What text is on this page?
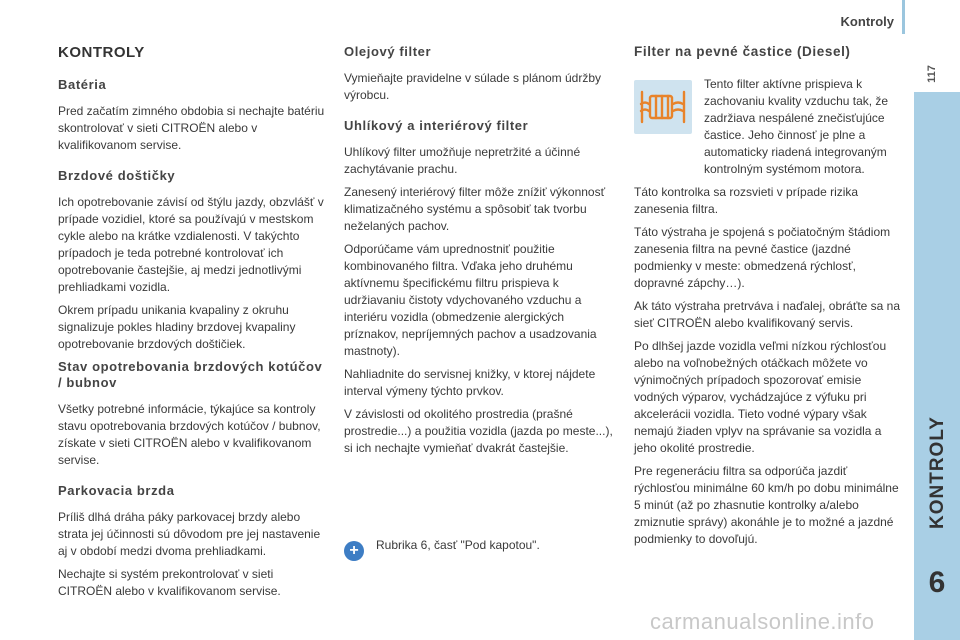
Kontroly
117
KONTROLY
6
KONTROLY
Batéria

Pred začatím zimného obdobia si nechajte batériu skontrolovať v sieti CITROËN alebo v kvalifikovanom servise.

Brzdové doštičky

Ich opotrebovanie závisí od štýlu jazdy, obzvlášť v prípade vozidiel, ktoré sa používajú v mestskom cykle alebo na krátke vzdialenosti. V takýchto prípadoch je teda potrebné kontrolovať ich opotrebovanie častejšie, aj medzi jednotlivými prehliadkami vozidla.

Okrem prípadu unikania kvapaliny z okruhu signalizuje pokles hladiny brzdovej kvapaliny opotrebovanie brzdových doštičiek.

Stav opotrebovania brzdových kotúčov / bubnov

Všetky potrebné informácie, týkajúce sa kontroly stavu opotrebovania brzdových kotúčov / bubnov, získate v sieti CITROËN alebo v kvalifikovanom servise.

Parkovacia brzda

Príliš dlhá dráha páky parkovacej brzdy alebo strata jej účinnosti sú dôvodom pre jej nastavenie aj v období medzi dvoma prehliadkami.

Nechajte si systém prekontrolovať v sieti CITROËN alebo v kvalifikovanom servise.

Olejový filter

Vymieňajte pravidelne v súlade s plánom údržby výrobcu.

Uhlíkový a interiérový filter

Uhlíkový filter umožňuje nepretržité a účinné zachytávanie prachu.

Zanesený interiérový filter môže znížiť výkonnosť klimatizačného systému a spôsobiť tak tvorbu neželaných pachov.

Odporúčame vám uprednostniť použitie kombinovaného filtra. Vďaka jeho druhému aktívnemu špecifickému filtru prispieva k udržiavaniu čistoty vdychovaného vzduchu a interiéru vozidla (obmedzenie alergických príznakov, nepríjemných pachov a usadzovania mastnoty).

Nahliadnite do servisnej knižky, v ktorej nájdete interval výmeny týchto prvkov.

V závislosti od okolitého prostredia (prašné prostredie...) a použitia vozidla (jazda po meste...), si ich nechajte vymieňať dvakrát častejšie.

+	Rubrika 6, časť "Pod kapotou".
Filter na pevné častice (Diesel)

Tento filter aktívne prispieva k zachovaniu kvality vzduchu tak, že zadržiava nespálené znečisťujúce častice. Jeho činnosť je plne a automaticky riadená integrovaným kontrolným systémom motora.

Táto kontrolka sa rozsvieti v prípade rizika zanesenia filtra.

Táto výstraha je spojená s počiatočným štádiom zanesenia filtra na pevné častice (jazdné podmienky v meste: obmedzená rýchlosť, dopravné zápchy…).

Ak táto výstraha pretrváva i naďalej, obráťte sa na sieť CITROËN alebo kvalifikovaný servis.

Po dlhšej jazde vozidla veľmi nízkou rýchlosťou alebo na voľnobežných otáčkach môžete vo výnimočných prípadoch spozorovať emisie vodných výparov, vychádzajúce z výfuku pri akcelerácii vozidla. Tieto vodné výpary však nemajú žiaden vplyv na správanie sa vozidla a jeho okolité prostredie.

Pre regeneráciu filtra sa odporúča jazdiť rýchlosťou minimálne 60 km/h po dobu minimálne 5 minút (až po zhasnutie kontrolky a/alebo zmiznutie správy) akonáhle je to možné a jazdné podmienky to dovoľujú.

carmanualsonline.info
